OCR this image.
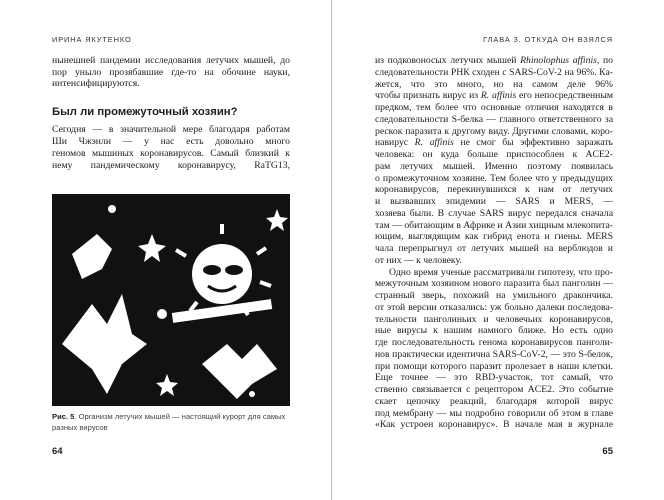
ИРИНА ЯКУТЕНКО
нынешней пандемии исследования летучих мышей, до
пор уныло прозябавшие где-то на обочине науки,
интенсифицируются.
Был ли промежуточный хозяин?
Сегодня — в значительной мере благодаря работам
Ши Чжэнли — у нас есть довольно много
геномов мышиных коронавирусов. Самый близкий к
нему пандемическому коронавирусу, RaTG13,
Рис. 5. Организм летучих мышей — настоящий курорт для самых разных вирусов
64
ГЛАВА 3. ОТКУДА ОН ВЗЯЛСЯ
из подковоносых летучих мышей Rhinolophus affinis, по
следовательности РНК сходен с SARS-CoV-2 на 96%. Ка-
жется, что это много, но на самом деле 96%
чтобы признать вирус из R. affinis его непосредственным
предком, тем более что основные отличия находятся в
следовательности S-белка — главного ответственного за
рескок паразита к другому виду. Другими словами, коро-
навирус R. affinis не смог бы эффективно заражать
человека: он куда больше приспособлен к ACE2-
рам летучих мышей. Именно поэтому появилась
о промежуточном хозяине. Тем более что у предыдущих
коронавирусов, перекинувшихся к нам от летучих
и вызвавших эпидемии — SARS и MERS, —
хозяева были. В случае SARS вирус передался сначала
там — обитающим в Африке и Азии хищным млекопита-
ющим, выглядящим как гибрид енота и гиены. MERS
чала перепрыгнул от летучих мышей на верблюдов и
от них — к человеку.
Одно время ученые рассматривали гипотезу, что про-
межуточным хозяином нового паразита был панголин —
странный зверь, похожий на умильного дракончика.
от этой версии отказались: уж больно далеки последова-
тельности панголиньих и человечьих коронавирусов,
ные вирусы к нашим намного ближе. Но есть одно
где последовательность генома коронавирусов панголи-
нов практически идентична SARS-CoV-2, — это S-белок,
при помощи которого паразит пролезает в наши клетки.
Еще точнее — это RBD-участок, тот самый, что
ственно связывается с рецептором ACE2. Это событие
скает цепочку реакций, благодаря которой вирус
под мембрану — мы подробно говорили об этом в главе
«Как устроен коронавирус». В начале мая в журнале
65
